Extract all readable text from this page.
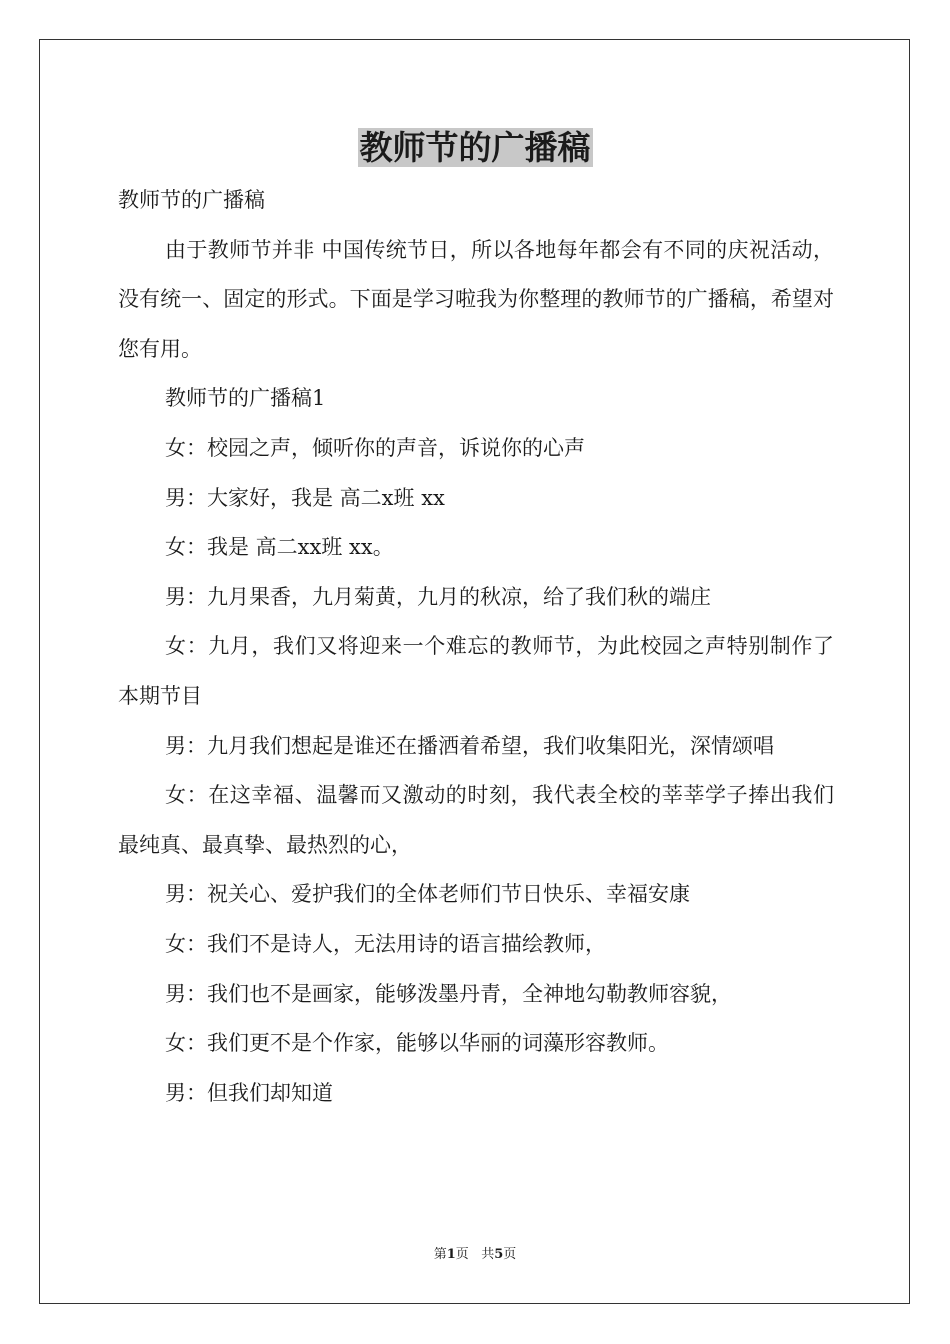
教师节的广播稿

教师节的广播稿

由于教师节并非 中国传统节日，所以各地每年都会有不同的庆祝活动，没有统一、固定的形式。下面是学习啦我为你整理的教师节的广播稿，希望对您有用。

教师节的广播稿1

女：校园之声，倾听你的声音，诉说你的心声

男：大家好，我是 高二x班 xx

女：我是 高二xx班 xx。

男：九月果香，九月菊黄，九月的秋凉，给了我们秋的端庄

女：九月，我们又将迎来一个难忘的教师节，为此校园之声特别制作了本期节目

男：九月我们想起是谁还在播洒着希望，我们收集阳光，深情颂唱

女：在这幸福、温馨而又激动的时刻，我代表全校的莘莘学子捧出我们最纯真、最真挚、最热烈的心，

男：祝关心、爱护我们的全体老师们节日快乐、幸福安康

女：我们不是诗人，无法用诗的语言描绘教师，

男：我们也不是画家，能够泼墨丹青，全神地勾勒教师容貌，

女：我们更不是个作家，能够以华丽的词藻形容教师。

男：但我们却知道

第1页 共5页
